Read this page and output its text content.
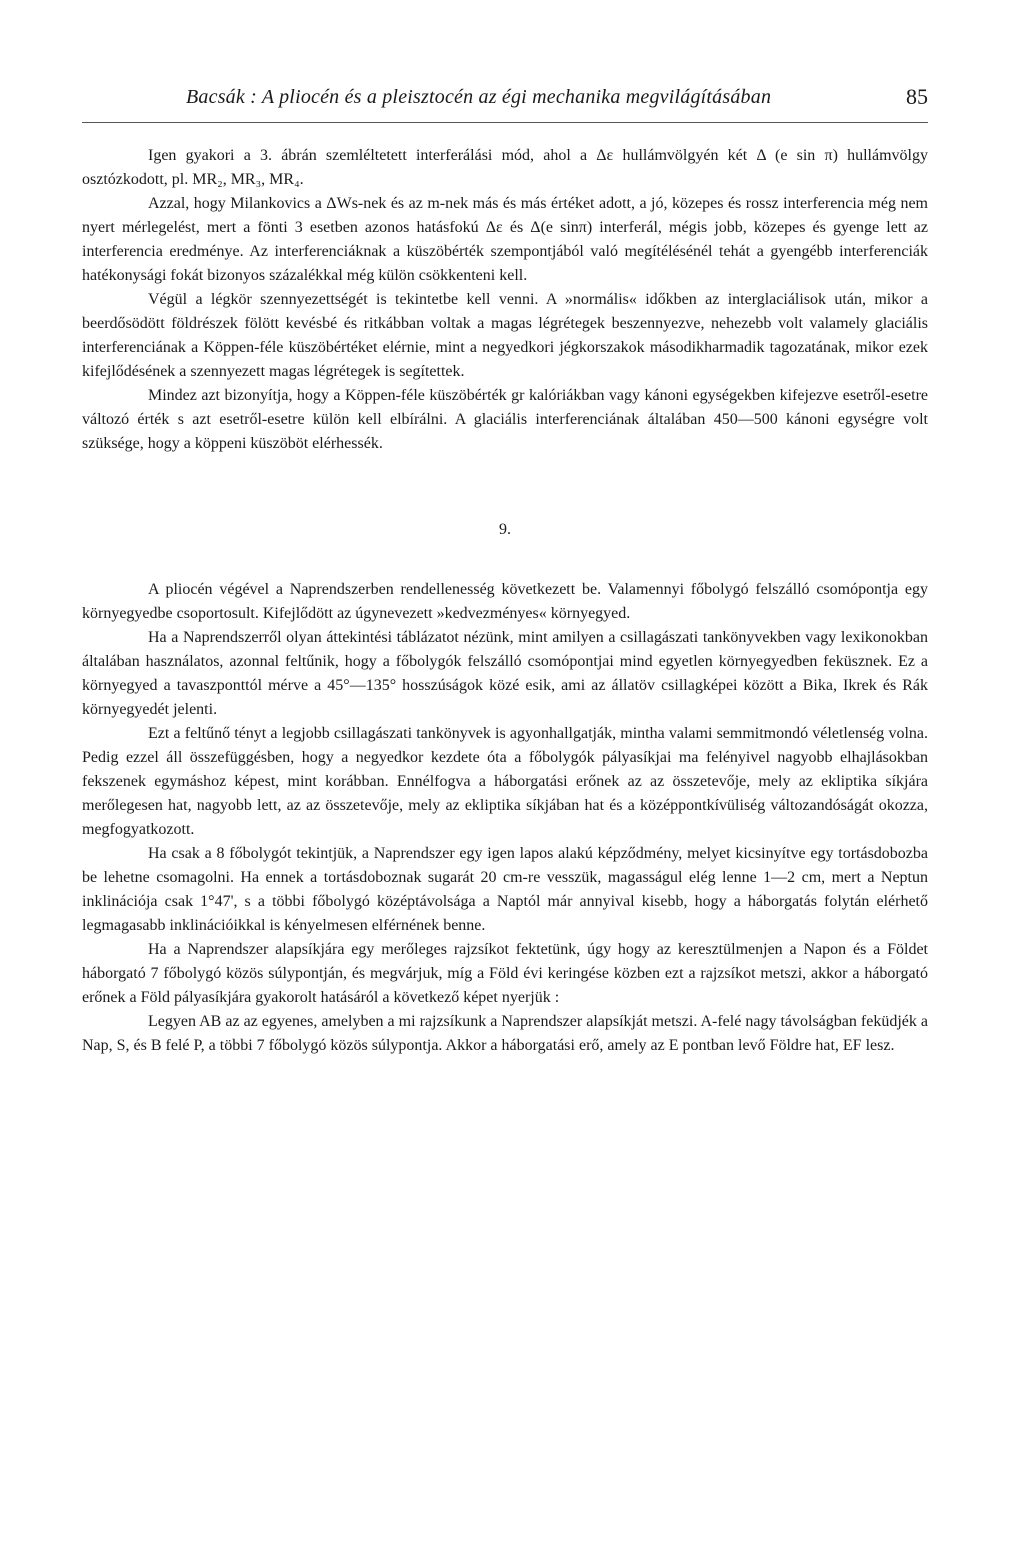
Bacsák : A pliocén és a pleisztocén az égi mechanika megvilágításában	85

Igen gyakori a 3. ábrán szemléltetett interferálási mód, ahol a Δε hullámvölgyén két Δ (e sin π) hullámvölgy osztózkodott, pl. MR₂, MR₃, MR₄.

Azzal, hogy Milankovics a ΔWs-nek és az m-nek más és más értéket adott, a jó, közepes és rossz interferencia még nem nyert mérlegelést, mert a fönti 3 esetben azonos hatásfokú Δε és Δ(e sinπ) interferál, mégis jobb, közepes és gyenge lett az interferencia eredménye. Az interferenciáknak a küszöbérték szempontjából való megítélésénél tehát a gyengébb interferenciák hatékonysági fokát bizonyos százalékkal még külön csökkenteni kell.

Végül a légkör szennyezettségét is tekintetbe kell venni. A »normális« időkben az interglaciálisok után, mikor a beerdősödött földrészek fölött kevésbé és ritkábban voltak a magas légrétegek beszennyezve, nehezebb volt valamely glaciális interferenciának a Köppen-féle küszöbértéket elérnie, mint a negyedkori jégkorszakok másodikharmadik tagozatának, mikor ezek kifejlődésének a szennyezett magas légrétegek is segítettek.

Mindez azt bizonyítja, hogy a Köppen-féle küszöbérték gr kalóriákban vagy kánoni egységekben kifejezve esetről-esetre változó érték s azt esetről-esetre külön kell elbírálni. A glaciális interferenciának általában 450—500 kánoni egységre volt szüksége, hogy a köppeni küszöböt elérhessék.

9.

A pliocén végével a Naprendszerben rendellenesség következett be. Valamennyi főbolygó felszálló csomópontja egy környegyedbe csoportosult. Kifejlődött az úgynevezett »kedvezményes« környegyed.

Ha a Naprendszerről olyan áttekintési táblázatot nézünk, mint amilyen a csillagászati tankönyvekben vagy lexikonokban általában használatos, azonnal feltűnik, hogy a főbolygók felszálló csomópontjai mind egyetlen környegyedben feküsznek. Ez a környegyed a tavaszponttól mérve a 45°—135° hosszúságok közé esik, ami az állatöv csillagképei között a Bika, Ikrek és Rák környegyedét jelenti.

Ezt a feltűnő tényt a legjobb csillagászati tankönyvek is agyonhallgatják, mintha valami semmitmondó véletlenség volna. Pedig ezzel áll összefüggésben, hogy a negyedkor kezdete óta a főbolygók pályasíkjai ma felényivel nagyobb elhajlásokban fekszenek egymáshoz képest, mint korábban. Ennélfogva a háborgatási erőnek az az összetevője, mely az ekliptika síkjára merőlegesen hat, nagyobb lett, az az összetevője, mely az ekliptika síkjában hat és a középpontkívüliség változandóságát okozza, megfogyatkozott.

Ha csak a 8 főbolygót tekintjük, a Naprendszer egy igen lapos alakú képződmény, melyet kicsinyítve egy tortásdobozba be lehetne csomagolni. Ha ennek a tortásdoboznak sugarát 20 cm-re vesszük, magasságul elég lenne 1—2 cm, mert a Neptun inklinációja csak 1°47', s a többi főbolygó középtávolsága a Naptól már annyival kisebb, hogy a háborgatás folytán elérhető legmagasabb inklinációikkal is kényelmesen elférnének benne.

Ha a Naprendszer alapsíkjára egy merőleges rajzsíkot fektetünk, úgy hogy az keresztülmenjen a Napon és a Földet háborgató 7 főbolygó közös súlypontján, és megvárjuk, míg a Föld évi keringése közben ezt a rajzsíkot metszi, akkor a háborgató erőnek a Föld pályasíkjára gyakorolt hatásáról a következő képet nyerjük :

Legyen AB az az egyenes, amelyben a mi rajzsíkunk a Naprendszer alapsíkját metszi. A-felé nagy távolságban feküdjék a Nap, S, és B felé P, a többi 7 főbolygó közös súlypontja. Akkor a háborgatási erő, amely az E pontban levő Földre hat, EF lesz.
